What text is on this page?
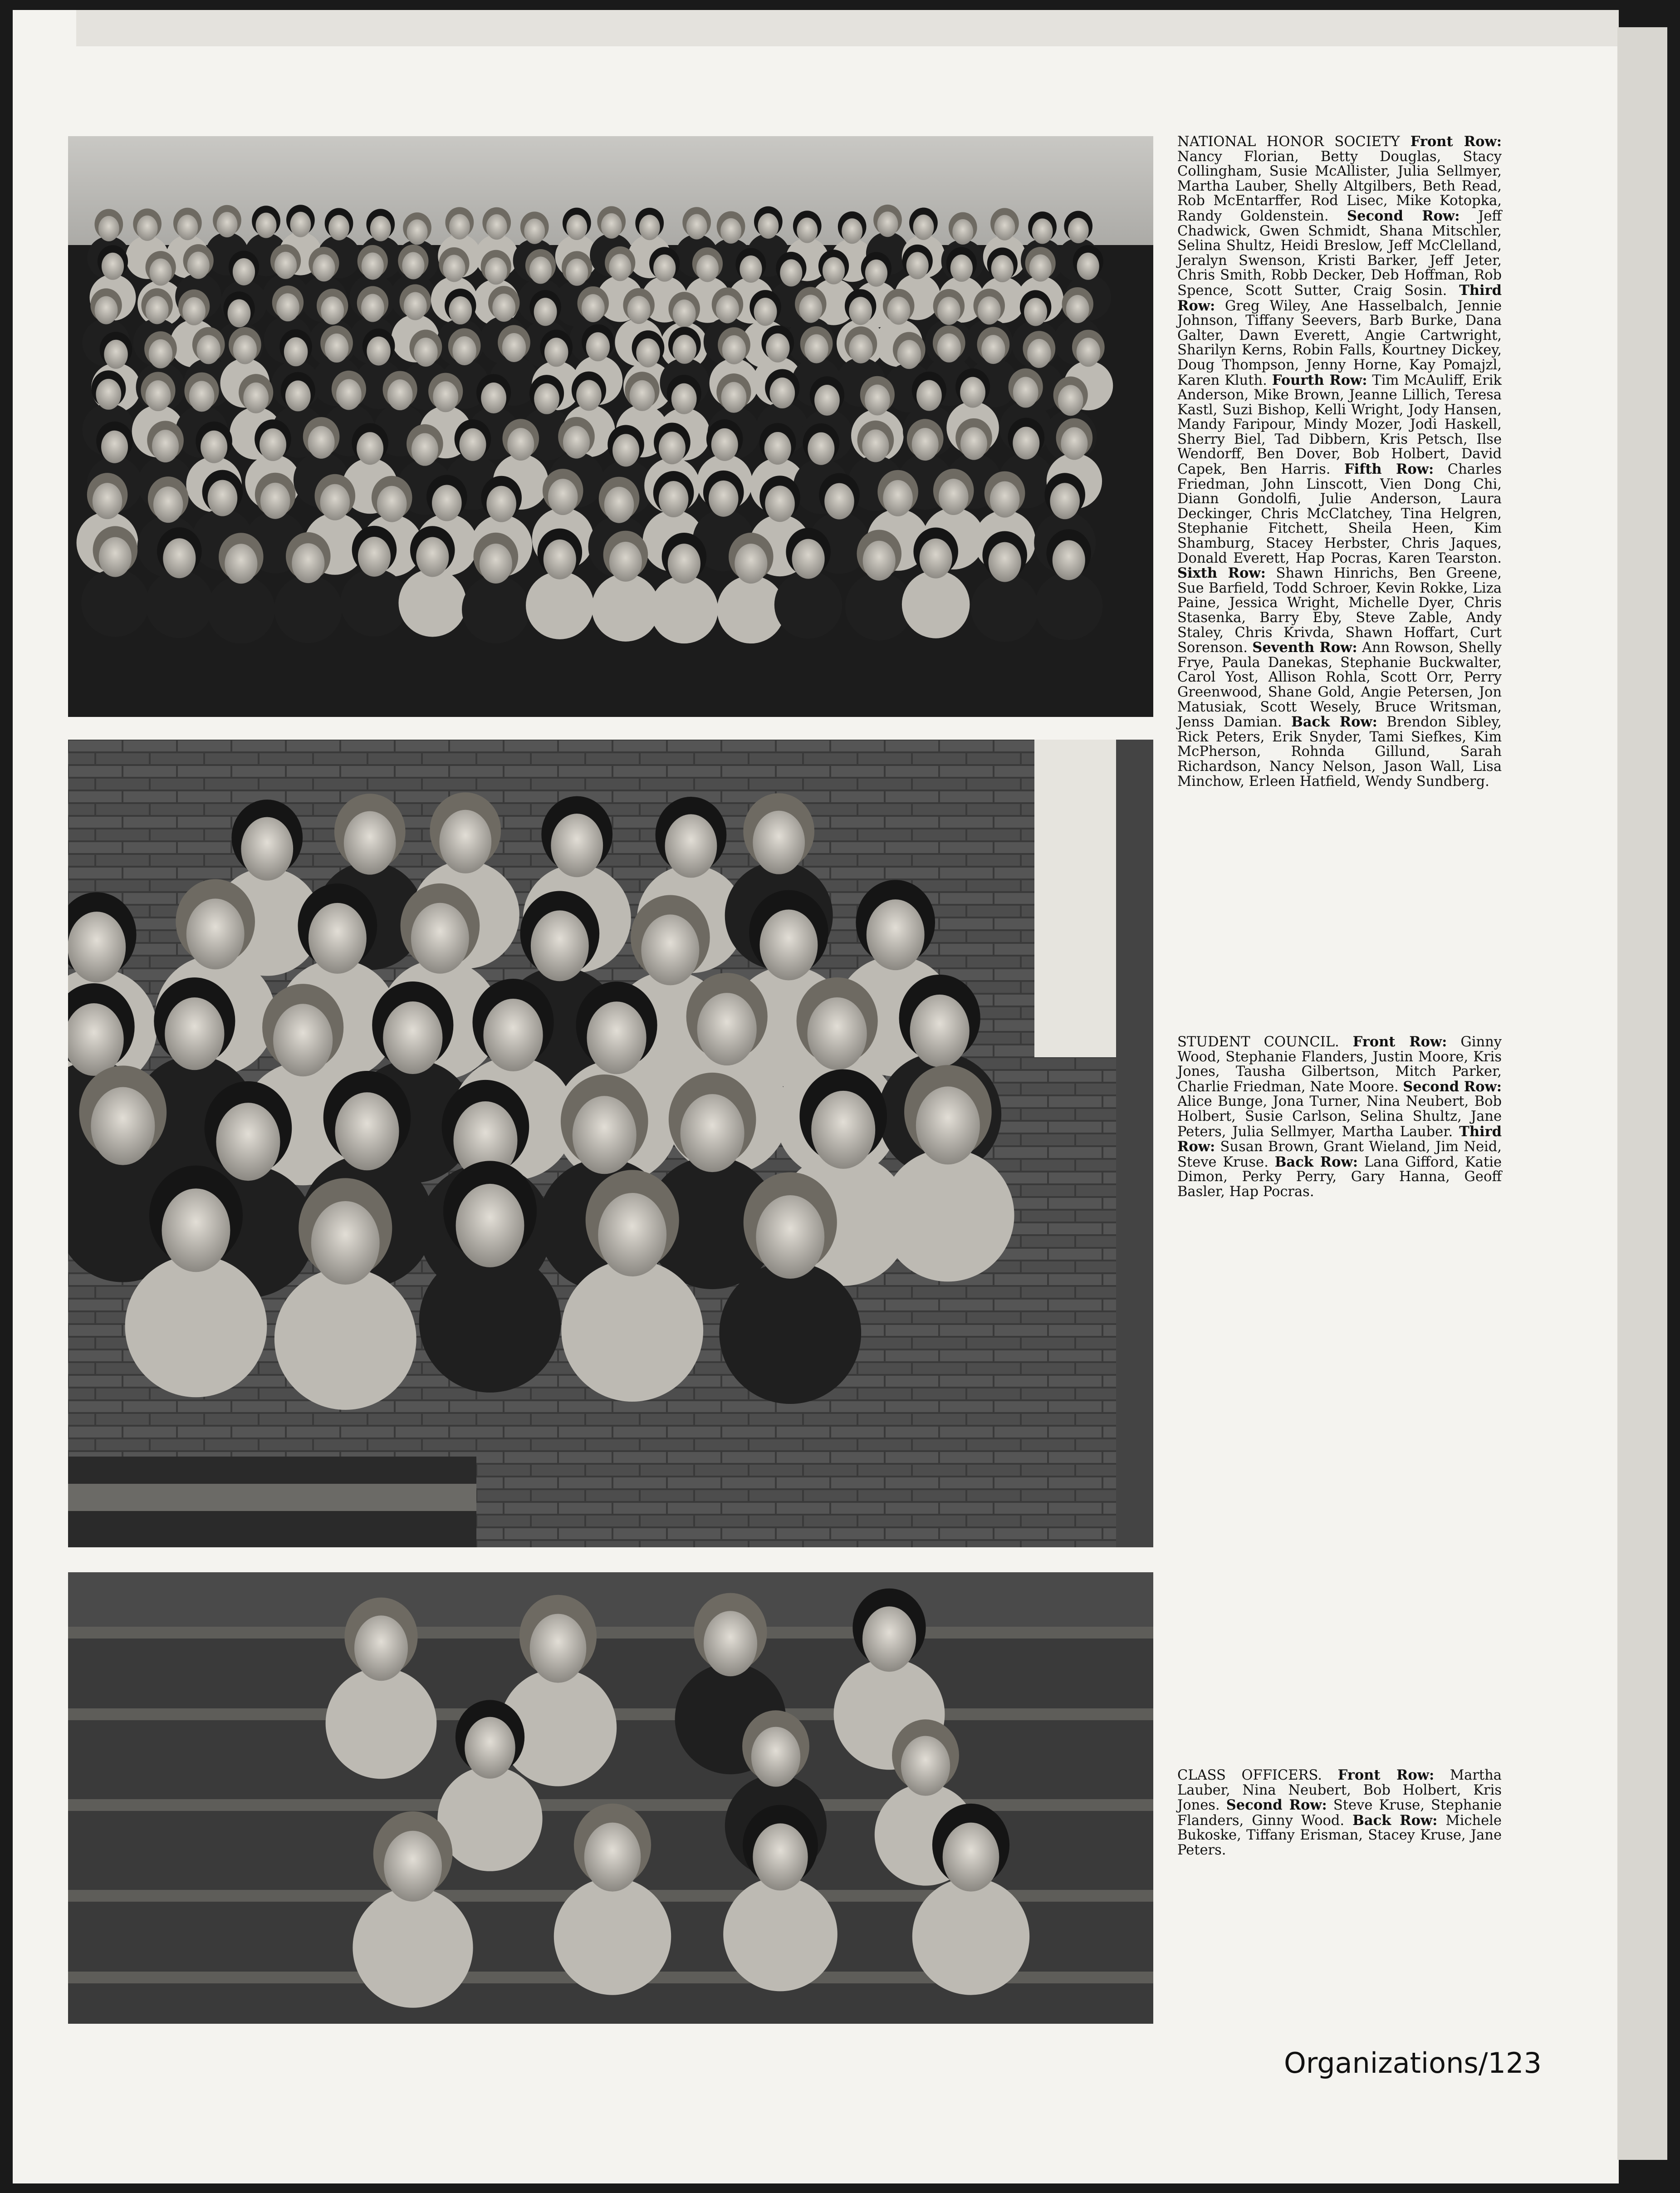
NATIONAL HONOR SOCIETY Front Row: Nancy Florian, Betty Douglas, Stacy Collingham, Susie McAllister, Julia Sellmyer, Martha Lauber, Shelly Altgilbers, Beth Read, Rob McEntarffer, Rod Lisec, Mike Kotopka, Randy Goldenstein. Second Row: Jeff Chadwick, Gwen Schmidt, Shana Mitschler, Selina Shultz, Heidi Breslow, Jeff McClelland, Jeralyn Swenson, Kristi Barker, Jeff Jeter, Chris Smith, Robb Decker, Deb Hoffman, Rob Spence, Scott Sutter, Craig Sosin. Third Row: Greg Wiley, Ane Hasselbalch, Jennie Johnson, Tiffany Seevers, Barb Burke, Dana Galter, Dawn Everett, Angie Cartwright, Sharilyn Kerns, Robin Falls, Kourtney Dickey, Doug Thompson, Jenny Horne, Kay Pomajzl, Karen Kluth. Fourth Row: Tim McAuliff, Erik Anderson, Mike Brown, Jeanne Lillich, Teresa Kastl, Suzi Bishop, Kelli Wright, Jody Hansen, Mandy Faripour, Mindy Mozer, Jodi Haskell, Sherry Biel, Tad Dibbern, Kris Petsch, Ilse Wendorff, Ben Dover, Bob Holbert, David Capek, Ben Harris. Fifth Row: Charles Friedman, John Linscott, Vien Dong Chi, Diann Gondolfi, Julie Anderson, Laura Deckinger, Chris McClatchey, Tina Helgren, Stephanie Fitchett, Sheila Heen, Kim Shamburg, Stacey Herbster, Chris Jaques, Donald Everett, Hap Pocras, Karen Tearston. Sixth Row: Shawn Hinrichs, Ben Greene, Sue Barfield, Todd Schroer, Kevin Rokke, Liza Paine, Jessica Wright, Michelle Dyer, Chris Stasenka, Barry Eby, Steve Zable, Andy Staley, Chris Krivda, Shawn Hoffart, Curt Sorenson. Seventh Row: Ann Rowson, Shelly Frye, Paula Danekas, Stephanie Buckwalter, Carol Yost, Allison Rohla, Scott Orr, Perry Greenwood, Shane Gold, Angie Petersen, Jon Matusiak, Scott Wesely, Bruce Writsman, Jenss Damian. Back Row: Brendon Sibley, Rick Peters, Erik Snyder, Tami Siefkes, Kim McPherson, Rohnda Gillund, Sarah Richardson, Nancy Nelson, Jason Wall, Lisa Minchow, Erleen Hatfield, Wendy Sundberg.
STUDENT COUNCIL. Front Row: Ginny Wood, Stephanie Flanders, Justin Moore, Kris Jones, Tausha Gilbertson, Mitch Parker, Charlie Friedman, Nate Moore. Second Row: Alice Bunge, Jona Turner, Nina Neubert, Bob Holbert, Susie Carlson, Selina Shultz, Jane Peters, Julia Sellmyer, Martha Lauber. Third Row: Susan Brown, Grant Wieland, Jim Neid, Steve Kruse. Back Row: Lana Gifford, Katie Dimon, Perky Perry, Gary Hanna, Geoff Basler, Hap Pocras.
CLASS OFFICERS. Front Row: Martha Lauber, Nina Neubert, Bob Holbert, Kris Jones. Second Row: Steve Kruse, Stephanie Flanders, Ginny Wood. Back Row: Michele Bukoske, Tiffany Erisman, Stacey Kruse, Jane Peters.
Organizations/123
